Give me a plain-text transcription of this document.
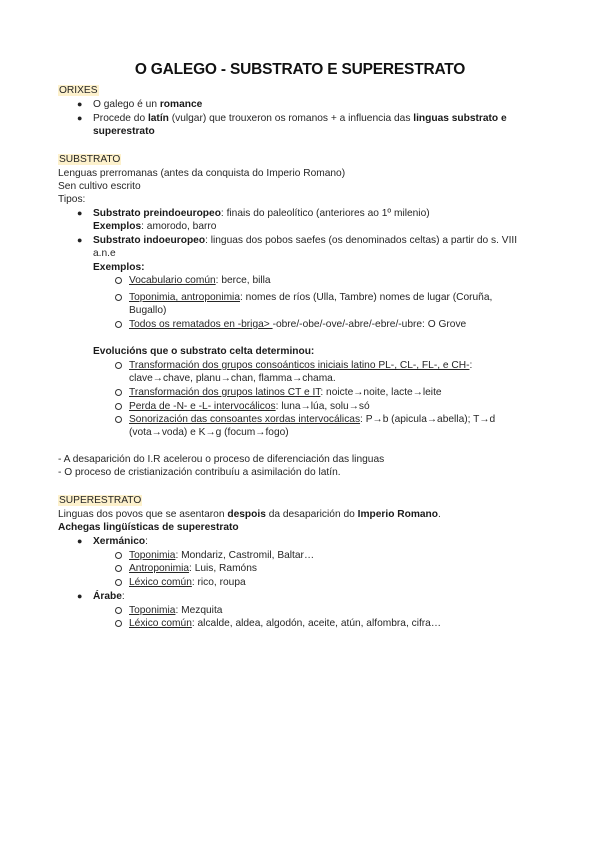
O GALEGO - SUBSTRATO E SUPERESTRATO
ORIXES
● O galego é un romance
● Procede do latín (vulgar) que trouxeron os romanos + a influencia das linguas substrato e
superestrato
SUBSTRATO
Lenguas prerromanas (antes da conquista do Imperio Romano)
Sen cultivo escrito
Tipos:
● Substrato preindoeuropeo: finais do paleolítico (anteriores ao 1º milenio)
Exemplos: amorodo, barro
● Substrato indoeuropeo: linguas dos pobos saefes (os denominados celtas) a partir do s. VIII
a.n.e
Exemplos:
Vocabulario común: berce, billa
Toponimia, antroponimia: nomes de ríos (Ulla, Tambre) nomes de lugar (Coruña,
Bugallo)
Todos os rematados en -briga> -obre/-obe/-ove/-abre/-ebre/-ubre: O Grove
Evolucións que o substrato celta determinou:
Transformación dos grupos consoánticos iniciais latino PL-, CL-, FL-, e CH-:
clave→chave, planu→chan, flamma→chama.
Transformación dos grupos latinos CT e IT: noicte→noite, lacte→leite
Perda de -N- e -L- intervocálicos: luna→lúa, solu→só
Sonorización das consoantes xordas intervocálicas: P→b (apicula→abella); T→d
(vota→voda) e K→g (focum→fogo)
- A desaparición do I.R acelerou o proceso de diferenciación das linguas
- O proceso de cristianización contribuíu a asimilación do latín.
SUPERESTRATO
Linguas dos povos que se asentaron despois da desaparición do Imperio Romano.
Achegas lingüísticas de superestrato
● Xermánico:
Toponimia: Mondariz, Castromil, Baltar…
Antroponimia: Luis, Ramóns
Léxico común: rico, roupa
● Árabe:
Toponimia: Mezquita
Léxico común: alcalde, aldea, algodón, aceite, atún, alfombra, cifra…
